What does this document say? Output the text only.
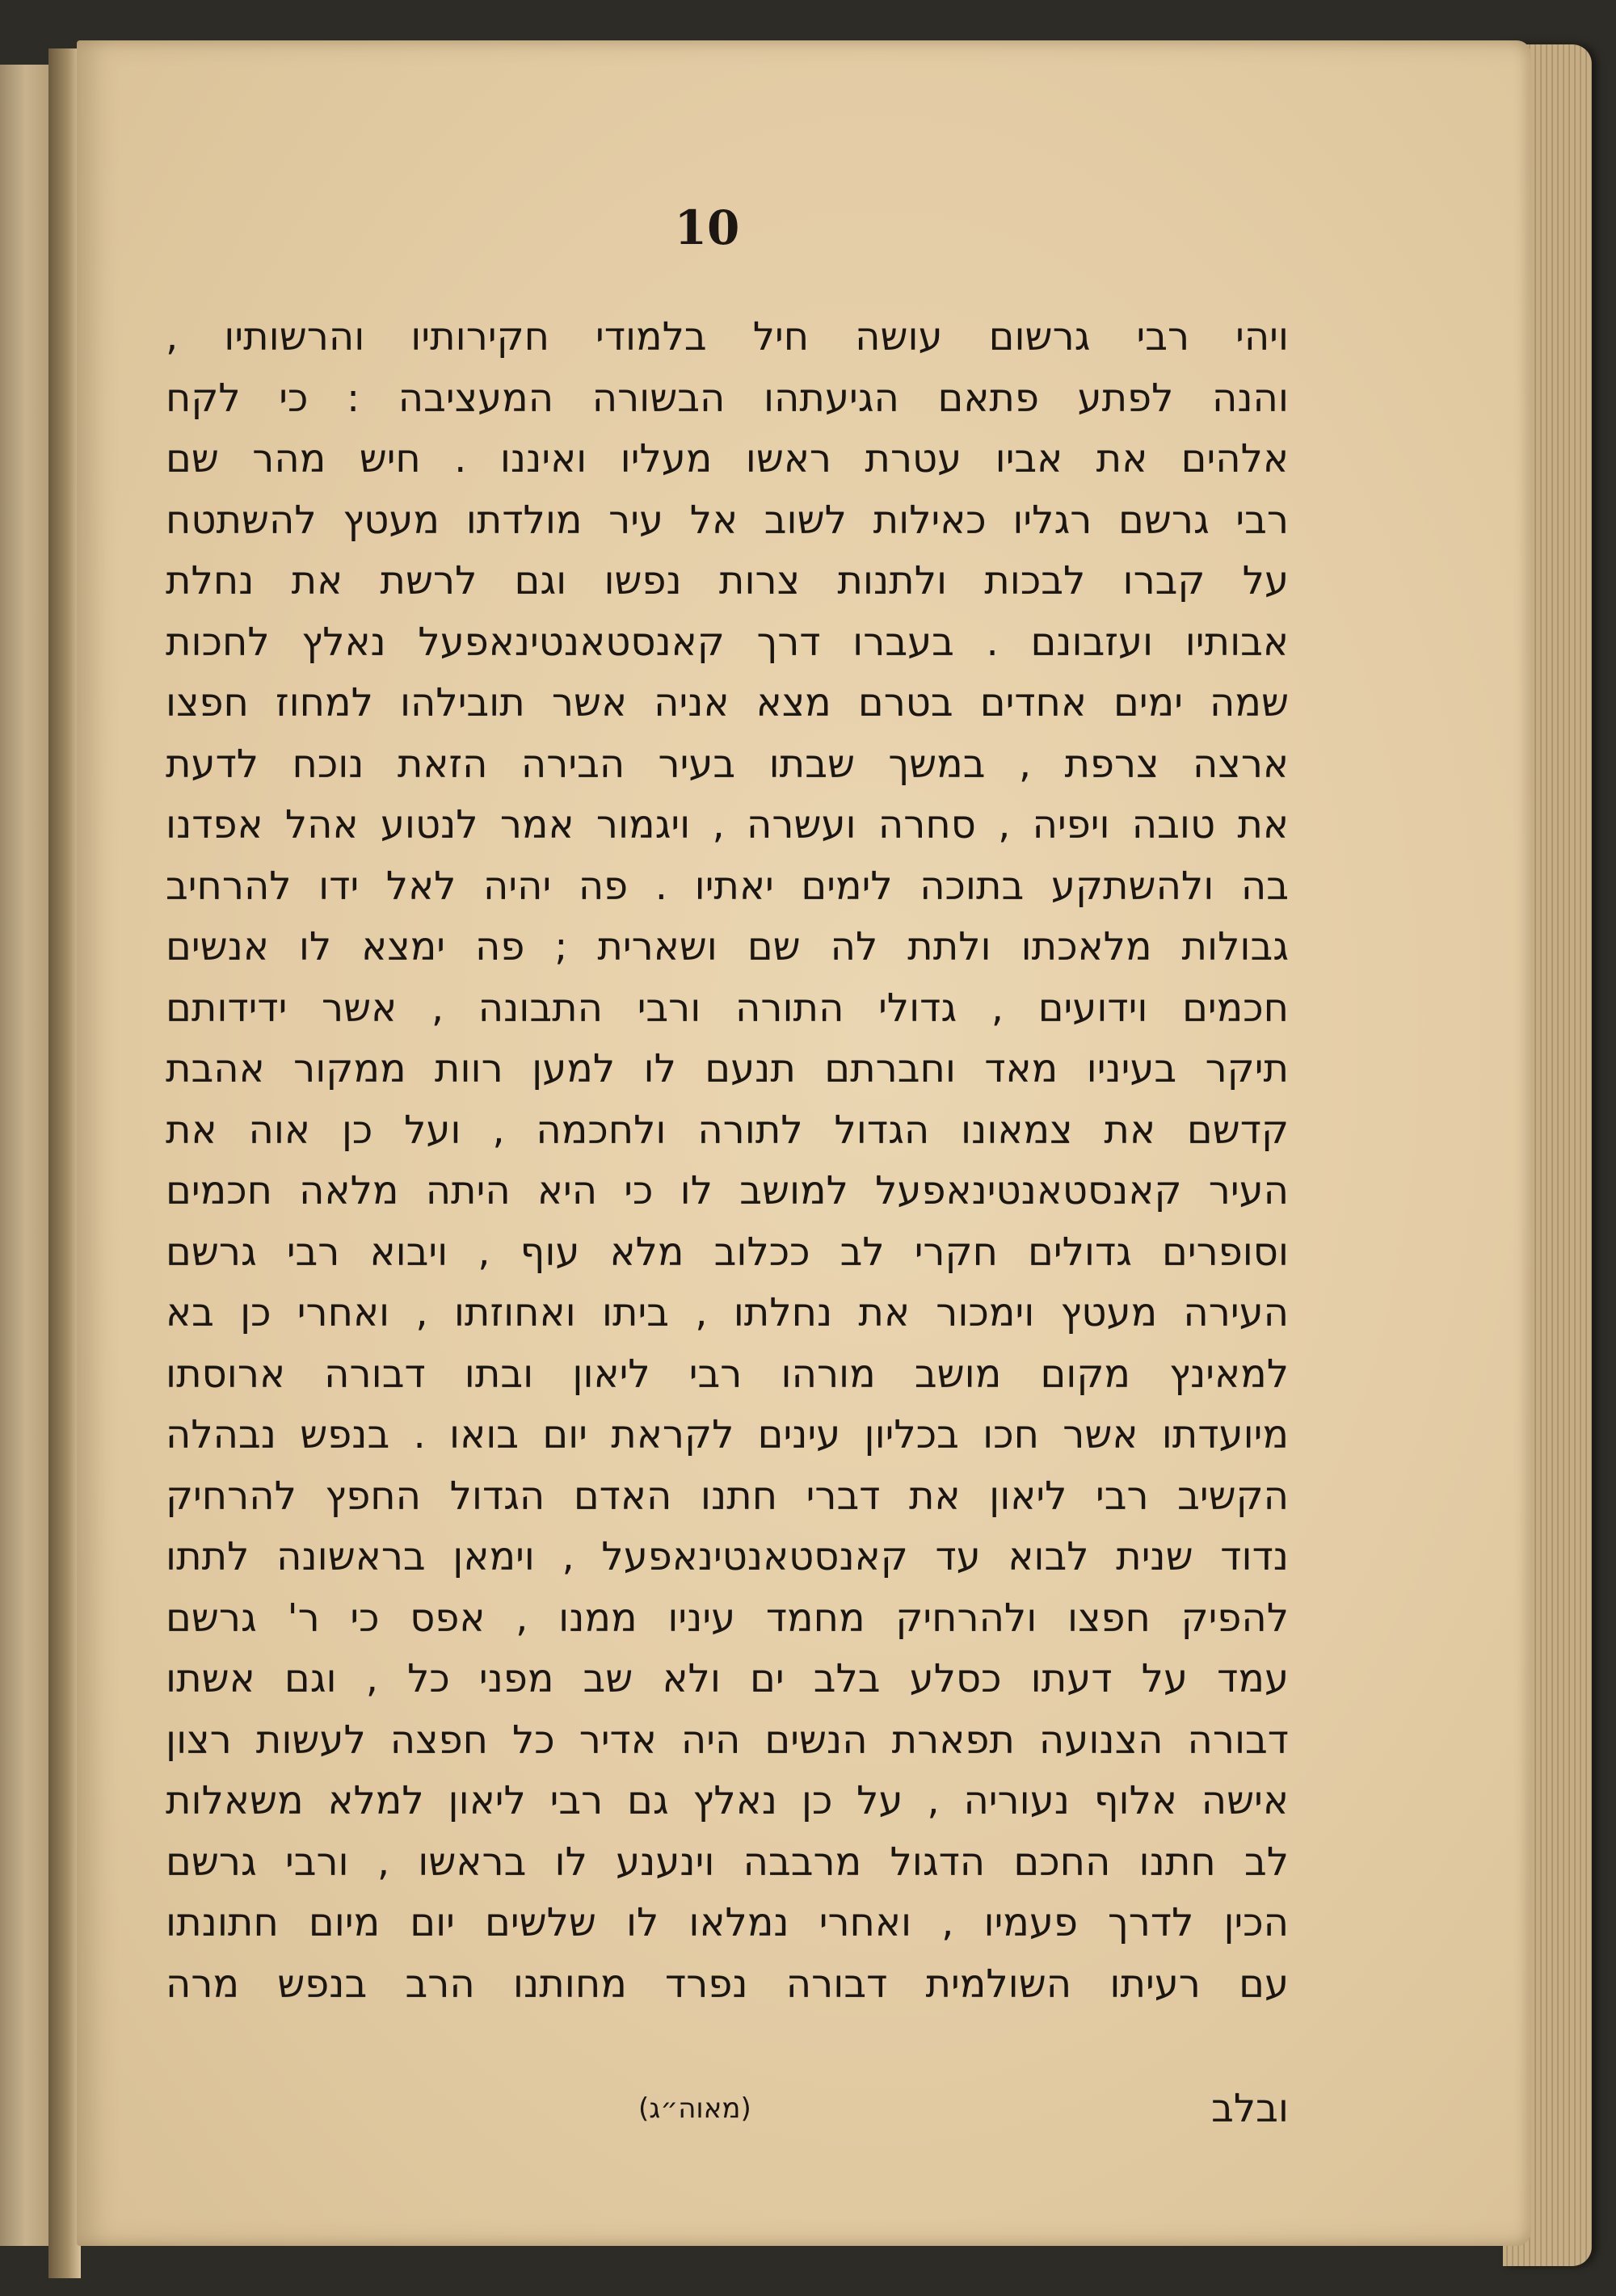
10
ויהי רבי גרשום עושה חיל בלמודי חקירותיו והרשותיו ,
והנה לפתע פתאם הגיעתהו הבשורה המעציבה : כי לקח
אלהים את אביו עטרת ראשו מעליו ואיננו . חיש מהר שם
רבי גרשם רגליו כאילות לשוב אל עיר מולדתו מעטץ להשתטח
על קברו לבכות ולתנות צרות נפשו וגם לרשת את נחלת
אבותיו ועזבונם . בעברו דרך קאנסטאנטינאפעל נאלץ לחכות
שמה ימים אחדים בטרם מצא אניה אשר תובילהו למחוז חפצו
ארצה צרפת , במשך שבתו בעיר הבירה הזאת נוכח לדעת
את טובה ויפיה , סחרה ועשרה , ויגמור אמר לנטוע אהל אפדנו
בה ולהשתקע בתוכה לימים יאתיו . פה יהיה לאל ידו להרחיב
גבולות מלאכתו ולתת לה שם ושארית ; פה ימצא לו אנשים
חכמים וידועים , גדולי התורה ורבי התבונה , אשר ידידותם
תיקר בעיניו מאד וחברתם תנעם לו למען רוות ממקור אהבת
קדשם את צמאונו הגדול לתורה ולחכמה , ועל כן אוה את
העיר קאנסטאנטינאפעל למושב לו כי היא היתה מלאה חכמים
וסופרים גדולים חקרי לב ככלוב מלא עוף , ויבוא רבי גרשם
העירה מעטץ וימכור את נחלתו , ביתו ואחוזתו , ואחרי כן בא
למאינץ מקום מושב מורהו רבי ליאון ובתו דבורה ארוסתו
מיועדתו אשר חכו בכליון עינים לקראת יום בואו . בנפש נבהלה
הקשיב רבי ליאון את דברי חתנו האדם הגדול החפץ להרחיק
נדוד שנית לבוא עד קאנסטאנטינאפעל , וימאן בראשונה לתתו
להפיק חפצו ולהרחיק מחמד עיניו ממנו , אפס כי ר' גרשם
עמד על דעתו כסלע בלב ים ולא שב מפני כל , וגם אשתו
דבורה הצנועה תפארת הנשים היה אדיר כל חפצה לעשות רצון
אישה אלוף נעוריה , על כן נאלץ גם רבי ליאון למלא משאלות
לב חתנו החכם הדגול מרבבה וינענע לו בראשו , ורבי גרשם
הכין לדרך פעמיו , ואחרי נמלאו לו שלשים יום מיום חתונתו
עם רעיתו השולמית דבורה נפרד מחותנו הרב בנפש מרה
ובלב
(מאוה״ג)
